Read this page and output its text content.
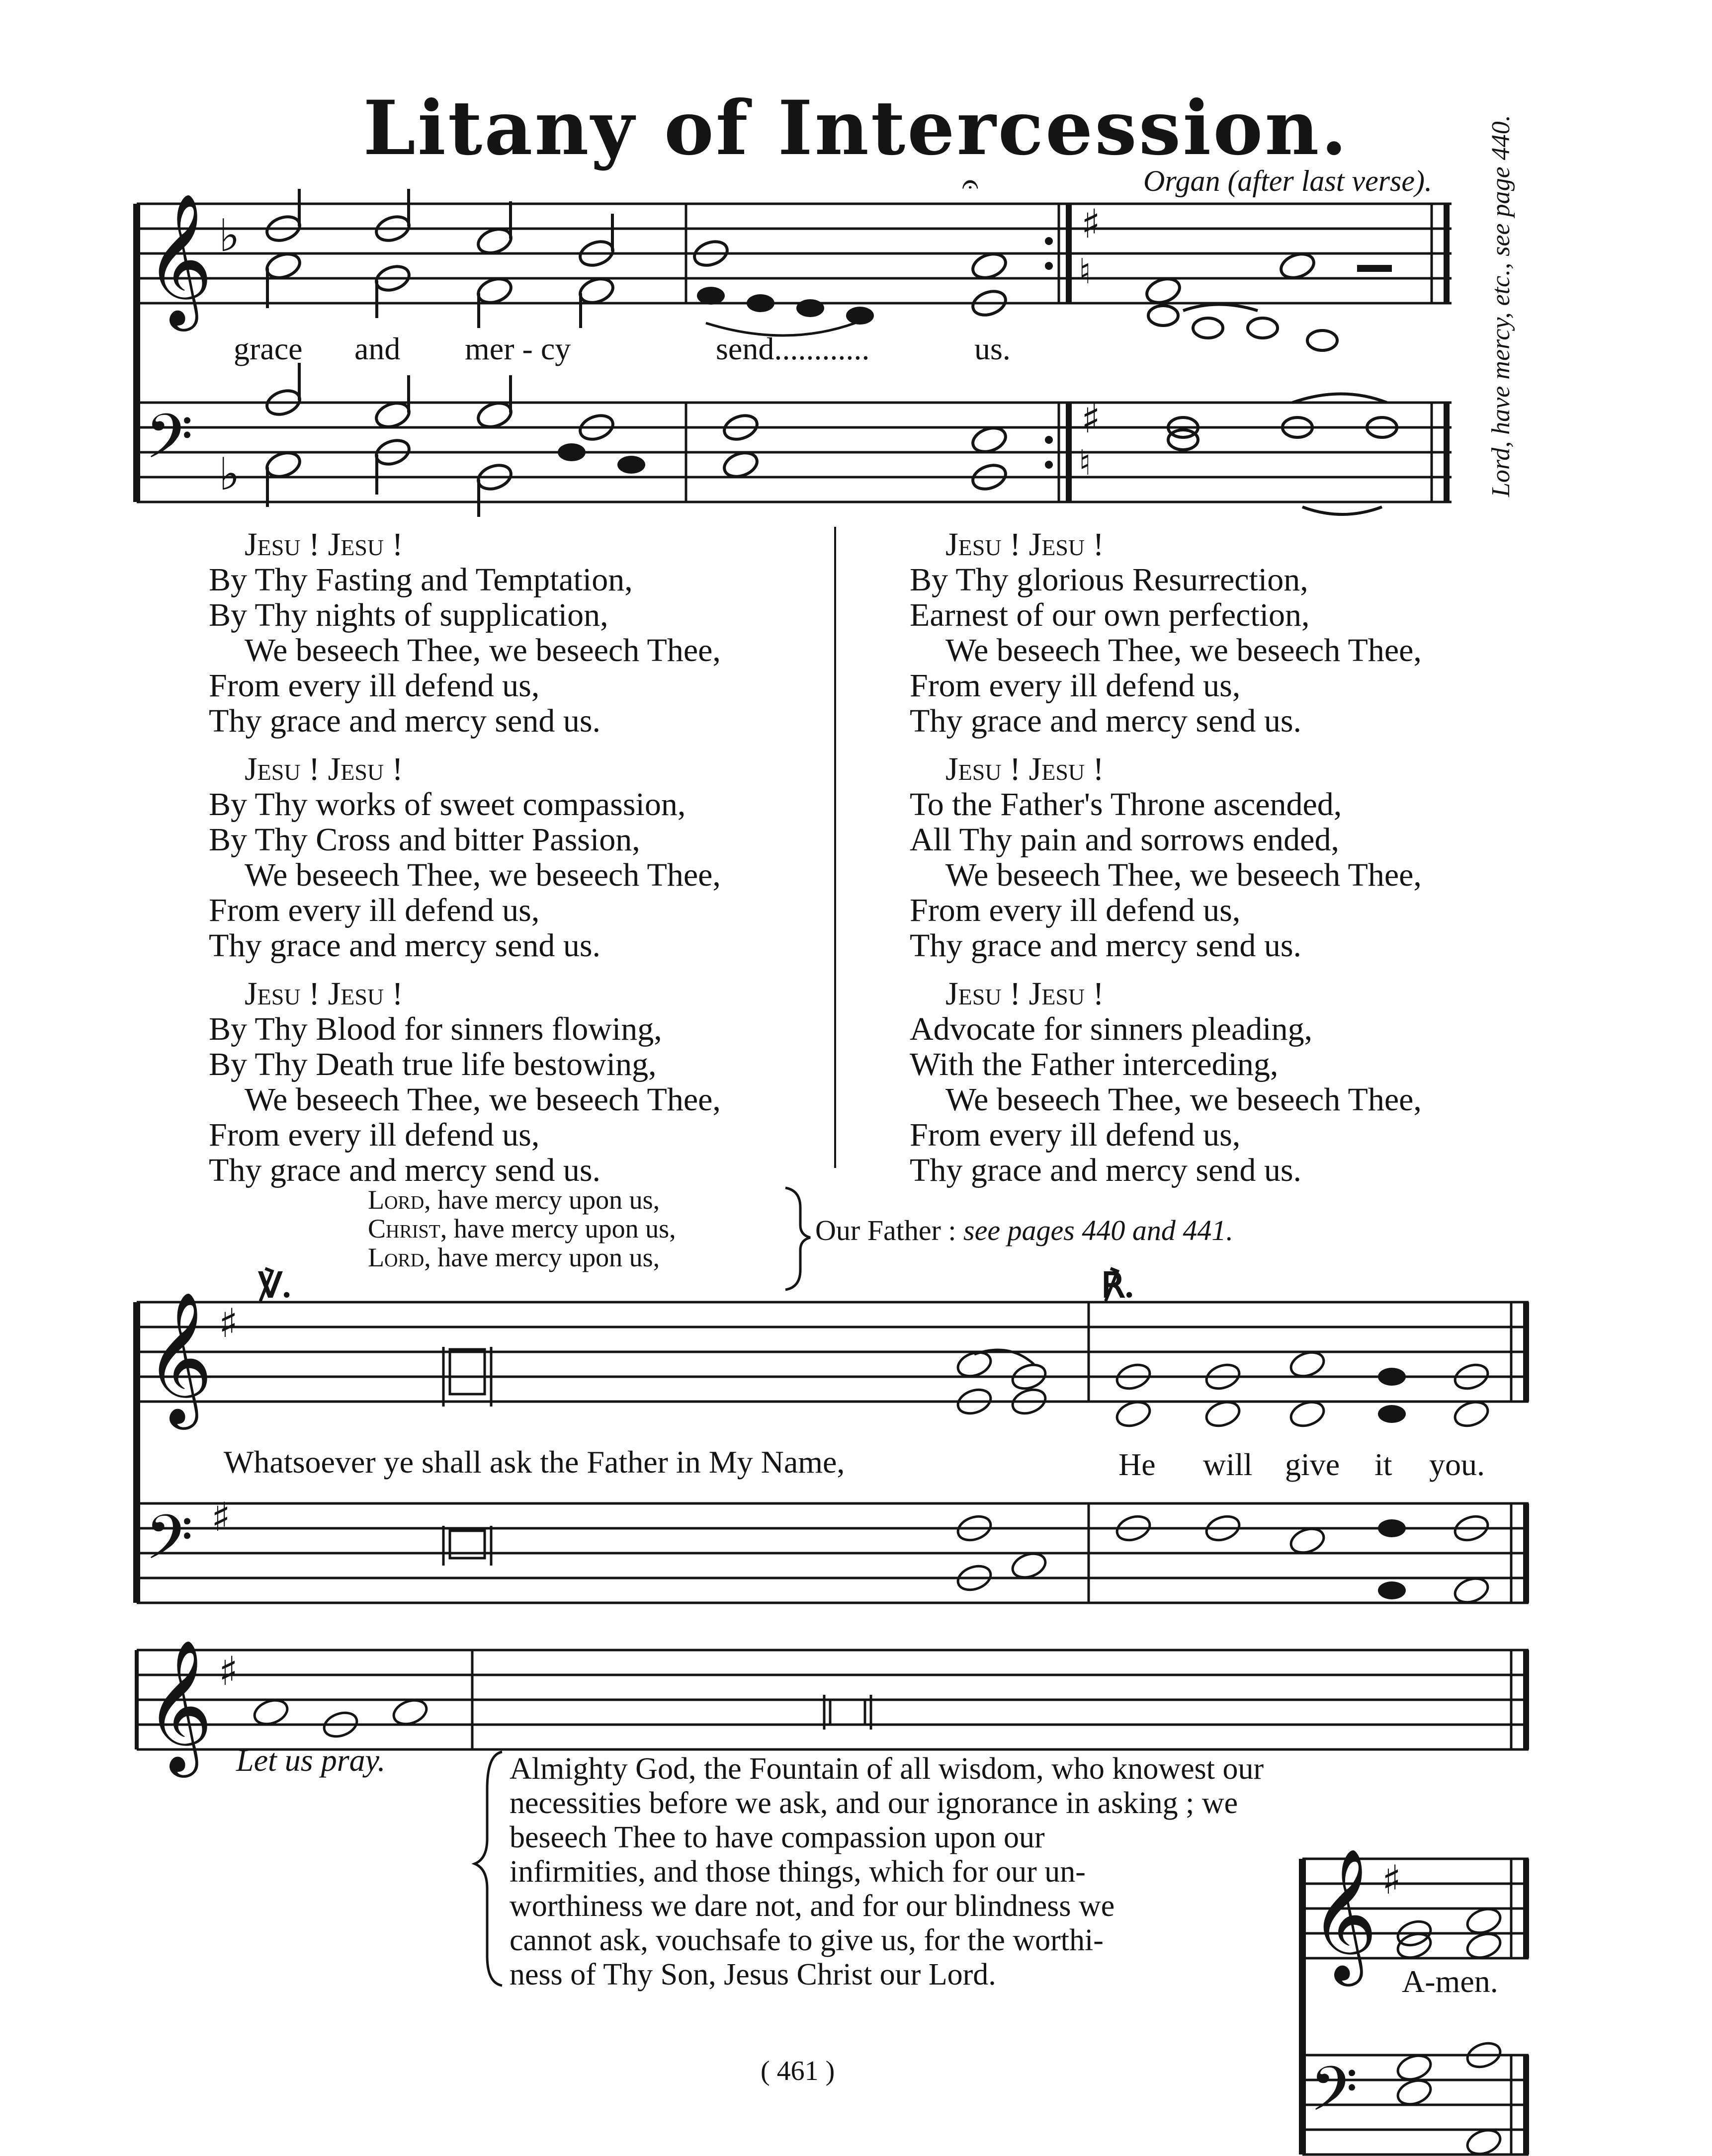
Litany of Intercession.
𝄞 ♭
𝄢 ♭
♯
♮
♯
♮
𝄐
𝄞 ♯
𝄢 ♯
𝄞 ♯
𝄞 ♯
𝄢
Organ (after last verse). Lord, have mercy, etc., see page 440.
grace and mer - cy	send............	us.
Jesu ! Jesu !
By Thy Fasting and Temptation,
By Thy nights of supplication,
We beseech Thee, we beseech Thee,
From every ill defend us,
Thy grace and mercy send us.
Jesu ! Jesu !
By Thy works of sweet compassion,
By Thy Cross and bitter Passion,
We beseech Thee, we beseech Thee,
From every ill defend us,
Thy grace and mercy send us.
Jesu ! Jesu !
By Thy Blood for sinners flowing,
By Thy Death true life bestowing,
We beseech Thee, we beseech Thee,
From every ill defend us,
Thy grace and mercy send us.
Jesu ! Jesu !
By Thy glorious Resurrection,
Earnest of our own perfection,
We beseech Thee, we beseech Thee,
From every ill defend us,
Thy grace and mercy send us.
Jesu ! Jesu !
To the Father's Throne ascended,
All Thy pain and sorrows ended,
We beseech Thee, we beseech Thee,
From every ill defend us,
Thy grace and mercy send us.
Jesu ! Jesu !
Advocate for sinners pleading,
With the Father interceding,
We beseech Thee, we beseech Thee,
From every ill defend us,
Thy grace and mercy send us.
Lord, have mercy upon us,
Christ, have mercy upon us,
Lord, have mercy upon us,
Our Father : see pages 440 and 441.
℣.	℟.
Whatsoever ye shall ask the Father in My Name,	He will give it you.
Let us pray.	Almighty God, the Fountain of all wisdom, who knowest our
necessities before we ask, and our ignorance in asking ; we
beseech Thee to have compassion upon our
infirmities, and those things, which for our un-
worthiness we dare not, and for our blindness we
cannot ask, vouchsafe to give us, for the worthi-
ness of Thy Son, Jesus Christ our Lord.	A-men.
( 461 )
